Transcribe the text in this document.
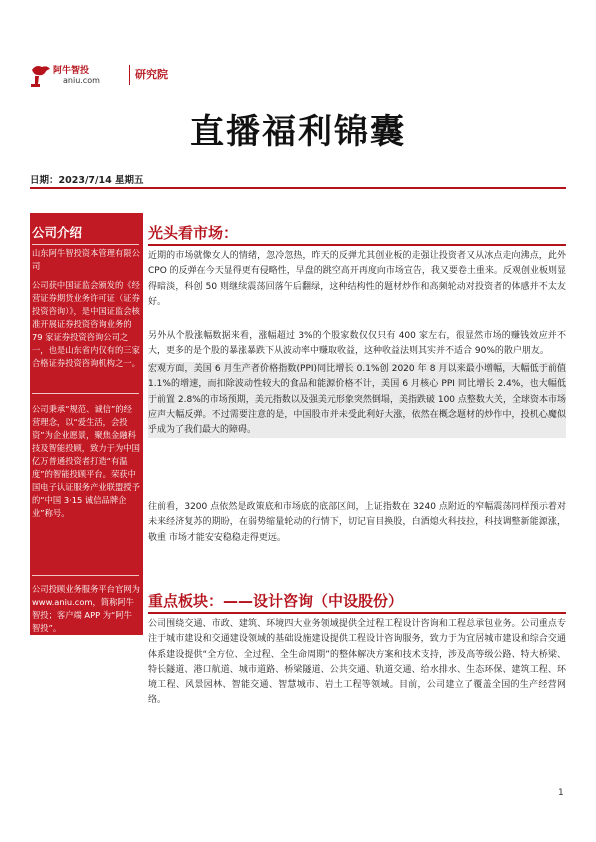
阿牛智投
aniu.com	研究院
直播福利锦囊
日期：2023/7/14 星期五
公司介绍
山东阿牛智投资本管理有限公司
公司获中国证监会颁发的《经营证券期货业务许可证（证券投资咨询）》，是中国证监会核准开展证券投资咨询业务的 79 家证券投资咨询公司之一，也是山东省内仅有的三家合格证券投资咨询机构之一。
公司秉承“规范、诚信”的经营理念，以“爱生活，会投资”为企业愿景，聚焦金融科技及智能投顾，致力于为中国亿万普通投资者打造“有温度”的智能投顾平台。荣获中国电子认证服务产业联盟授予的“中国 3·15 诚信品牌企业”称号。
公司投顾业务服务平台官网为 www.aniu.com，简称阿牛智投；客户端 APP 为“阿牛智投”。
光头看市场：
近期的市场就像女人的情绪，忽冷忽热，昨天的反弹尤其创业板的走强让投资者又从冰点走向沸点，此外 CPO 的反弹在今天显得更有侵略性，早盘的跳空高开再度向市场宣告，我又要卷土重来。反观创业板则显得暗淡，科创 50 则继续震荡回落午后翻绿，这种结构性的题材炒作和高频轮动对投资者的体感并不太友好。
另外从个股涨幅数据来看，涨幅超过 3%的个股家数仅仅只有 400 家左右，很显然市场的赚钱效应并不大，更多的是个股的暴涨暴跌下从波动率中赚取收益，这种收益法则其实并不适合 90%的散户朋友。
宏观方面，美国 6 月生产者价格指数(PPI)同比增长 0.1%创 2020 年 8 月以来最小增幅，大幅低于前值 1.1%的增速，而扣除波动性较大的食品和能源价格不计，美国 6 月核心 PPI 同比增长 2.4%，也大幅低于前置 2.8%的市场预期，美元指数以及强美元形象突然倒塌，美指跌破 100 点整数大关，全球资本市场应声大幅反弹。不过需要注意的是，中国股市并未受此利好大涨，依然在概念题材的炒作中，投机心魔似乎成为了我们最大的障碍。
往前看，3200 点依然是政策底和市场底的底部区间，上证指数在 3240 点附近的窄幅震荡同样预示着对未来经济复苏的期盼，在弱势缩量轮动的行情下，切记盲目换股，白酒熄火科技拉，科技调整新能源涨，敬重 市场才能安安稳稳走得更远。
重点板块：——设计咨询（中设股份）
公司围绕交通、市政、建筑、环境四大业务领域提供全过程工程设计咨询和工程总承包业务。公司重点专注于城市建设和交通建设领域的基础设施建设提供工程设计咨询服务，致力于为宜居城市建设和综合交通体系建设提供“全方位、全过程、全生命周期”的整体解决方案和技术支持，涉及高等级公路、特大桥梁、特长隧道、港口航道、城市道路、桥梁隧道、公共交通、轨道交通、给水排水、生态环保、建筑工程、环境工程、风景园林、智能交通、智慧城市、岩土工程等领域。目前，公司建立了覆盖全国的生产经营网络。
1
